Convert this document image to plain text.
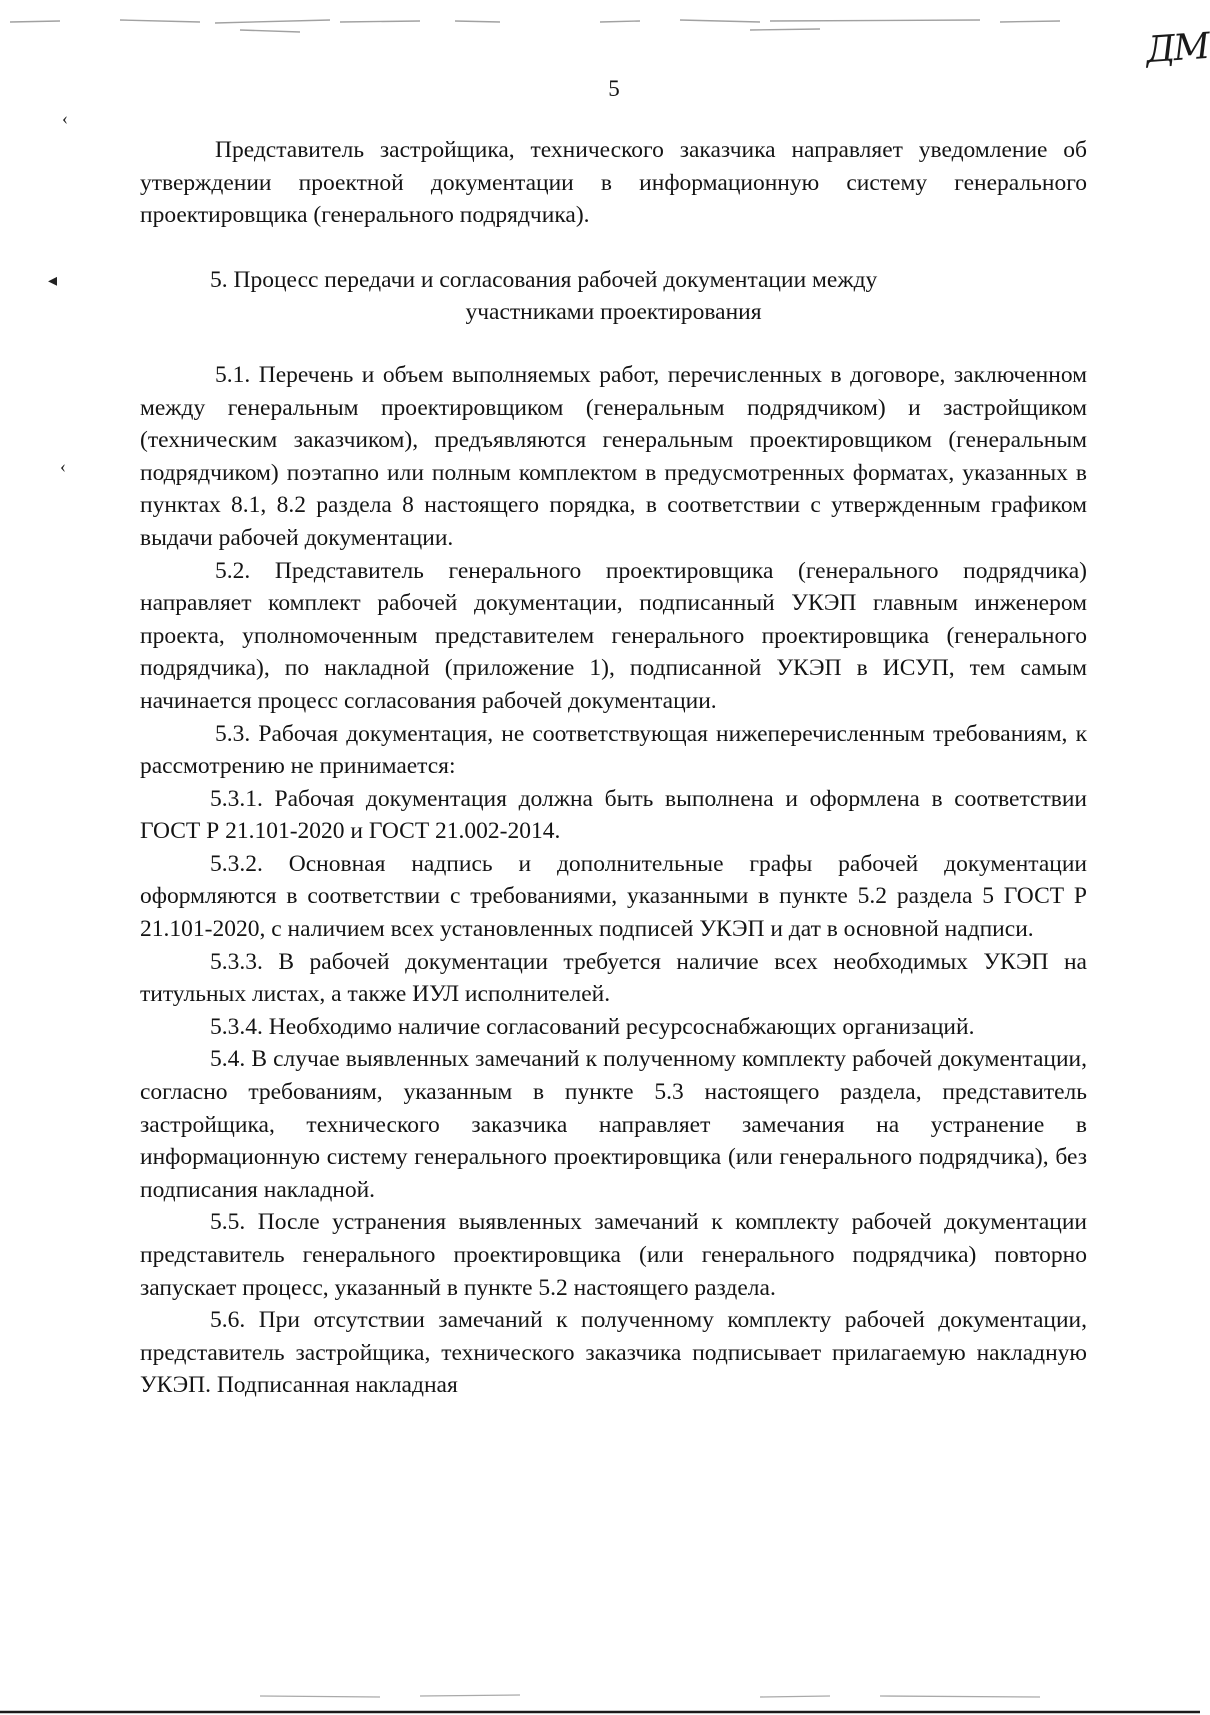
ДМ
5
‹
◂
‹

Представитель застройщика, технического заказчика направляет уведомление об утверждении проектной документации в информационную систему генерального проектировщика (генерального подрядчика).

5. Процесс передачи и согласования рабочей документации между
участниками проектирования

5.1. Перечень и объем выполняемых работ, перечисленных в договоре, заключенном между генеральным проектировщиком (генеральным подрядчиком) и застройщиком (техническим заказчиком), предъявляются генеральным проектировщиком (генеральным подрядчиком) поэтапно или полным комплектом в предусмотренных форматах, указанных в пунктах 8.1, 8.2 раздела 8 настоящего порядка, в соответствии с утвержденным графиком выдачи рабочей документации.

5.2. Представитель генерального проектировщика (генерального подрядчика) направляет комплект рабочей документации, подписанный УКЭП главным инженером проекта, уполномоченным представителем генерального проектировщика (генерального подрядчика), по накладной (приложение 1), подписанной УКЭП в ИСУП, тем самым начинается процесс согласования рабочей документации.

5.3. Рабочая документация, не соответствующая нижеперечисленным требованиям, к рассмотрению не принимается:

5.3.1. Рабочая документация должна быть выполнена и оформлена в соответствии ГОСТ Р 21.101-2020 и ГОСТ 21.002-2014.

5.3.2. Основная надпись и дополнительные графы рабочей документации оформляются в соответствии с требованиями, указанными в пункте 5.2 раздела 5 ГОСТ Р 21.101-2020, с наличием всех установленных подписей УКЭП и дат в основной надписи.

5.3.3. В рабочей документации требуется наличие всех необходимых УКЭП на титульных листах, а также ИУЛ исполнителей.

5.3.4. Необходимо наличие согласований ресурсоснабжающих организаций.

5.4. В случае выявленных замечаний к полученному комплекту рабочей документации, согласно требованиям, указанным в пункте 5.3 настоящего раздела, представитель застройщика, технического заказчика направляет замечания на устранение в информационную систему генерального проектировщика (или генерального подрядчика), без подписания накладной.

5.5. После устранения выявленных замечаний к комплекту рабочей документации представитель генерального проектировщика (или генерального подрядчика) повторно запускает процесс, указанный в пункте 5.2 настоящего раздела.

5.6. При отсутствии замечаний к полученному комплекту рабочей документации, представитель застройщика, технического заказчика подписывает прилагаемую накладную УКЭП. Подписанная накладная
